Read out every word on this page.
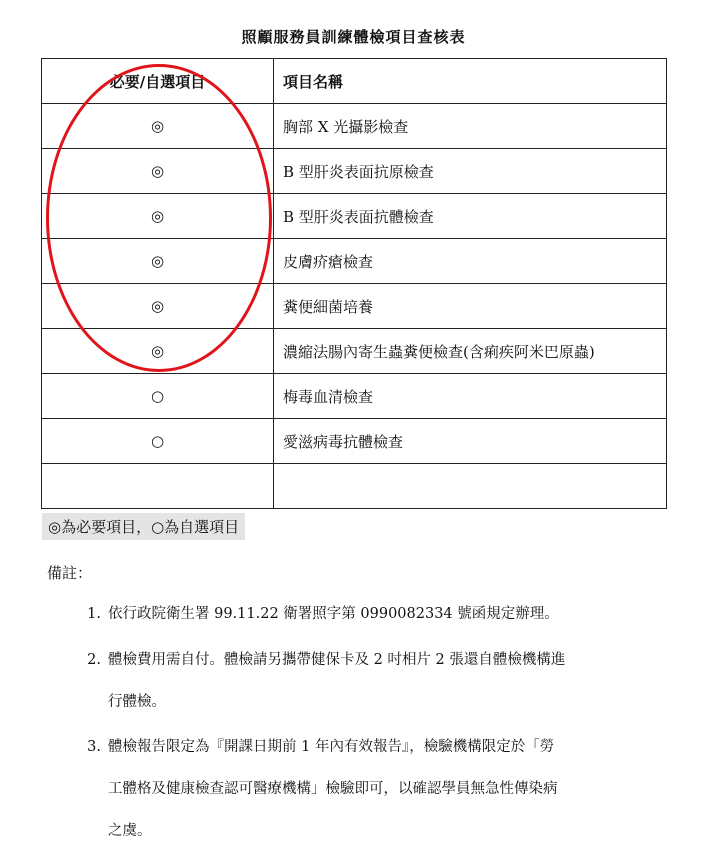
照顧服務員訓練體檢項目查核表
必要/自選項目	項目名稱
◎	胸部 X 光攝影檢查
◎	B 型肝炎表面抗原檢查
◎	B 型肝炎表面抗體檢查
◎	皮膚疥瘡檢查
◎	糞便細菌培養
◎	濃縮法腸內寄生蟲糞便檢查(含痢疾阿米巴原蟲)
○	梅毒血清檢查
○	愛滋病毒抗體檢查

◎為必要項目，○為自選項目
備註：
1. 依行政院衛生署 99.11.22 衛署照字第 0990082334 號函規定辦理。
2. 體檢費用需自付。體檢請另攜帶健保卡及 2 吋相片 2 張還自體檢機構進
行體檢。
3. 體檢報告限定為『開課日期前 1 年內有效報告』，檢驗機構限定於「勞
工體格及健康檢查認可醫療機構」檢驗即可，以確認學員無急性傳染病
之虞。
